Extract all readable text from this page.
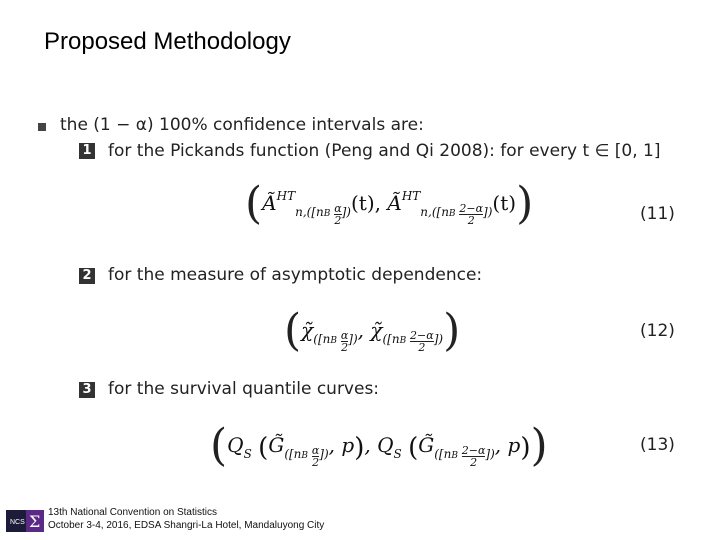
Proposed Methodology
the (1 − α) 100% confidence intervals are:
1 for the Pickands function (Peng and Qi 2008): for every t ∈ [0, 1]
($Ã^{HT}_{n,([nB \alpha 2])}(t)$, $Ã^{HT}_{n,([nB 2-\alpha 2])}(t)$)	(11)
2 for the measure of asymptotic dependence:
($\chĩ_{([nB \alpha 2])}$, $\chĩ_{([nB 2-\alpha 2])}$)	(12)
3 for the survival quantile curves:
($Q_S$ ($G̃_{([nB \alpha 2])}$, p), $Q_S$ ($G̃_{([nB 2-\alpha 2])}$, p))	(13)
NCS Σ 13th National Convention on Statistics
October 3-4, 2016, EDSA Shangri-La Hotel, Mandaluyong City
